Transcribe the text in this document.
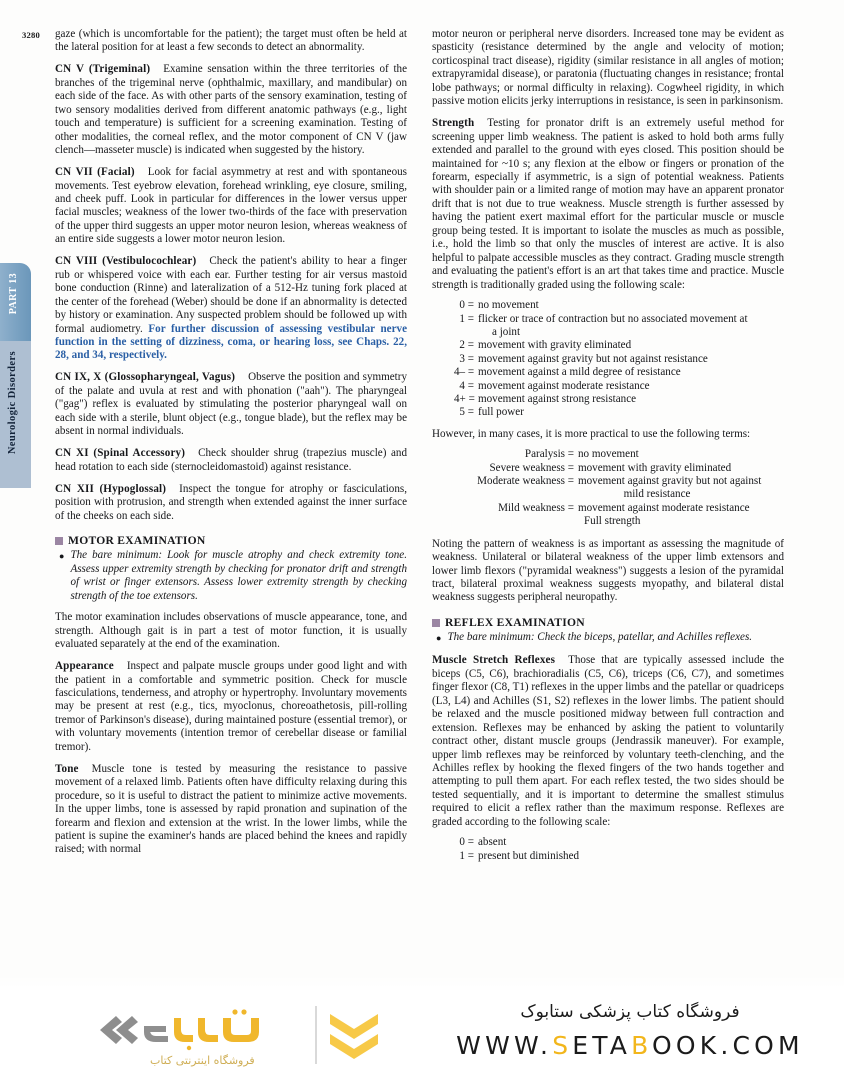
3280 gaze (which is uncomfortable for the patient); the target must often be held at the lateral position for at least a few seconds to detect an abnormality.

CN V (Trigeminal) Examine sensation within the three territories of the branches of the trigeminal nerve (ophthalmic, maxillary, and mandibular) on each side of the face. As with other parts of the sensory examination, testing of two sensory modalities derived from different anatomic pathways (e.g., light touch and temperature) is sufficient for a screening examination. Testing of other modalities, the corneal reflex, and the motor component of CN V (jaw clench—masseter muscle) is indicated when suggested by the history.

CN VII (Facial) Look for facial asymmetry at rest and with spontaneous movements. Test eyebrow elevation, forehead wrinkling, eye closure, smiling, and cheek puff. Look in particular for differences in the lower versus upper facial muscles; weakness of the lower two-thirds of the face with preservation of the upper third suggests an upper motor neuron lesion, whereas weakness of an entire side suggests a lower motor neuron lesion.

CN VIII (Vestibulocochlear) Check the patient's ability to hear a finger rub or whispered voice with each ear. Further testing for air versus mastoid bone conduction (Rinne) and lateralization of a 512-Hz tuning fork placed at the center of the forehead (Weber) should be done if an abnormality is detected by history or examination. Any suspected problem should be followed up with formal audiometry. For further discussion of assessing vestibular nerve function in the setting of dizziness, coma, or hearing loss, see Chaps. 22, 28, and 34, respectively.

CN IX, X (Glossopharyngeal, Vagus) Observe the position and symmetry of the palate and uvula at rest and with phonation ("aah"). The pharyngeal ("gag") reflex is evaluated by stimulating the posterior pharyngeal wall on each side with a sterile, blunt object (e.g., tongue blade), but the reflex may be absent in normal individuals.

CN XI (Spinal Accessory) Check shoulder shrug (trapezius muscle) and head rotation to each side (sternocleidomastoid) against resistance.

CN XII (Hypoglossal) Inspect the tongue for atrophy or fasciculations, position with protrusion, and strength when extended against the inner surface of the cheeks on each side.

MOTOR EXAMINATION
● The bare minimum: Look for muscle atrophy and check extremity tone. Assess upper extremity strength by checking for pronator drift and strength of wrist or finger extensors. Assess lower extremity strength by checking strength of the toe extensors.

The motor examination includes observations of muscle appearance, tone, and strength. Although gait is in part a test of motor function, it is usually evaluated separately at the end of the examination.

Appearance Inspect and palpate muscle groups under good light and with the patient in a comfortable and symmetric position. Check for muscle fasciculations, tenderness, and atrophy or hypertrophy. Involuntary movements may be present at rest (e.g., tics, myoclonus, choreoathetosis, pill-rolling tremor of Parkinson's disease), during maintained posture (essential tremor), or with voluntary movements (intention tremor of cerebellar disease or familial tremor).

Tone Muscle tone is tested by measuring the resistance to passive movement of a relaxed limb. Patients often have difficulty relaxing during this procedure, so it is useful to distract the patient to minimize active movements. In the upper limbs, tone is assessed by rapid pronation and supination of the forearm and flexion and extension at the wrist. In the lower limbs, while the patient is supine the examiner's hands are placed behind the knees and rapidly raised; with normal

motor neuron or peripheral nerve disorders. Increased tone may be evident as spasticity (resistance determined by the angle and velocity of motion; corticospinal tract disease), rigidity (similar resistance in all angles of motion; extrapyramidal disease), or paratonia (fluctuating changes in resistance; frontal lobe pathways; or normal difficulty in relaxing). Cogwheel rigidity, in which passive motion elicits jerky interruptions in resistance, is seen in parkinsonism.

Strength Testing for pronator drift is an extremely useful method for screening upper limb weakness. The patient is asked to hold both arms fully extended and parallel to the ground with eyes closed. This position should be maintained for ~10 s; any flexion at the elbow or fingers or pronation of the forearm, especially if asymmetric, is a sign of potential weakness. Patients with shoulder pain or a limited range of motion may have an apparent pronator drift that is not due to true weakness. Muscle strength is further assessed by having the patient exert maximal effort for the particular muscle or muscle group being tested. It is important to isolate the muscles as much as possible, i.e., hold the limb so that only the muscles of interest are active. It is also helpful to palpate accessible muscles as they contract. Grading muscle strength and evaluating the patient's effort is an art that takes time and practice. Muscle strength is traditionally graded using the following scale:

0 = no movement
1 = flicker or trace of contraction but no associated movement at
a joint
2 = movement with gravity eliminated
3 = movement against gravity but not against resistance
4– = movement against a mild degree of resistance
4 = movement against moderate resistance
4+ = movement against strong resistance
5 = full power

However, in many cases, it is more practical to use the following terms:

Paralysis = no movement
Severe weakness = movement with gravity eliminated
Moderate weakness = movement against gravity but not against
mild resistance
Mild weakness = movement against moderate resistance
Full strength

Noting the pattern of weakness is as important as assessing the magnitude of weakness. Unilateral or bilateral weakness of the upper limb extensors and lower limb flexors ("pyramidal weakness") suggests a lesion of the pyramidal tract, bilateral proximal weakness suggests myopathy, and bilateral distal weakness suggests peripheral neuropathy.

REFLEX EXAMINATION
● The bare minimum: Check the biceps, patellar, and Achilles reflexes.

Muscle Stretch Reflexes Those that are typically assessed include the biceps (C5, C6), brachioradialis (C5, C6), triceps (C6, C7), and sometimes finger flexor (C8, T1) reflexes in the upper limbs and the patellar or quadriceps (L3, L4) and Achilles (S1, S2) reflexes in the lower limbs. The patient should be relaxed and the muscle positioned midway between full contraction and extension. Reflexes may be enhanced by asking the patient to voluntarily contract other, distant muscle groups (Jendrassik maneuver). For example, upper limb reflexes may be reinforced by voluntary teeth-clenching, and the Achilles reflex by hooking the flexed fingers of the two hands together and attempting to pull them apart. For each reflex tested, the two sides should be tested sequentially, and it is important to determine the smallest stimulus required to elicit a reflex rather than the maximum response. Reflexes are graded according to the following scale:

0 = absent
1 = present but diminished
PART 13
Neurologic Disorders
فروشگاه اینترنتی کتاب
فروشگاه کتاب پزشکی ستابوک
WWW.SETABOOK.COM
